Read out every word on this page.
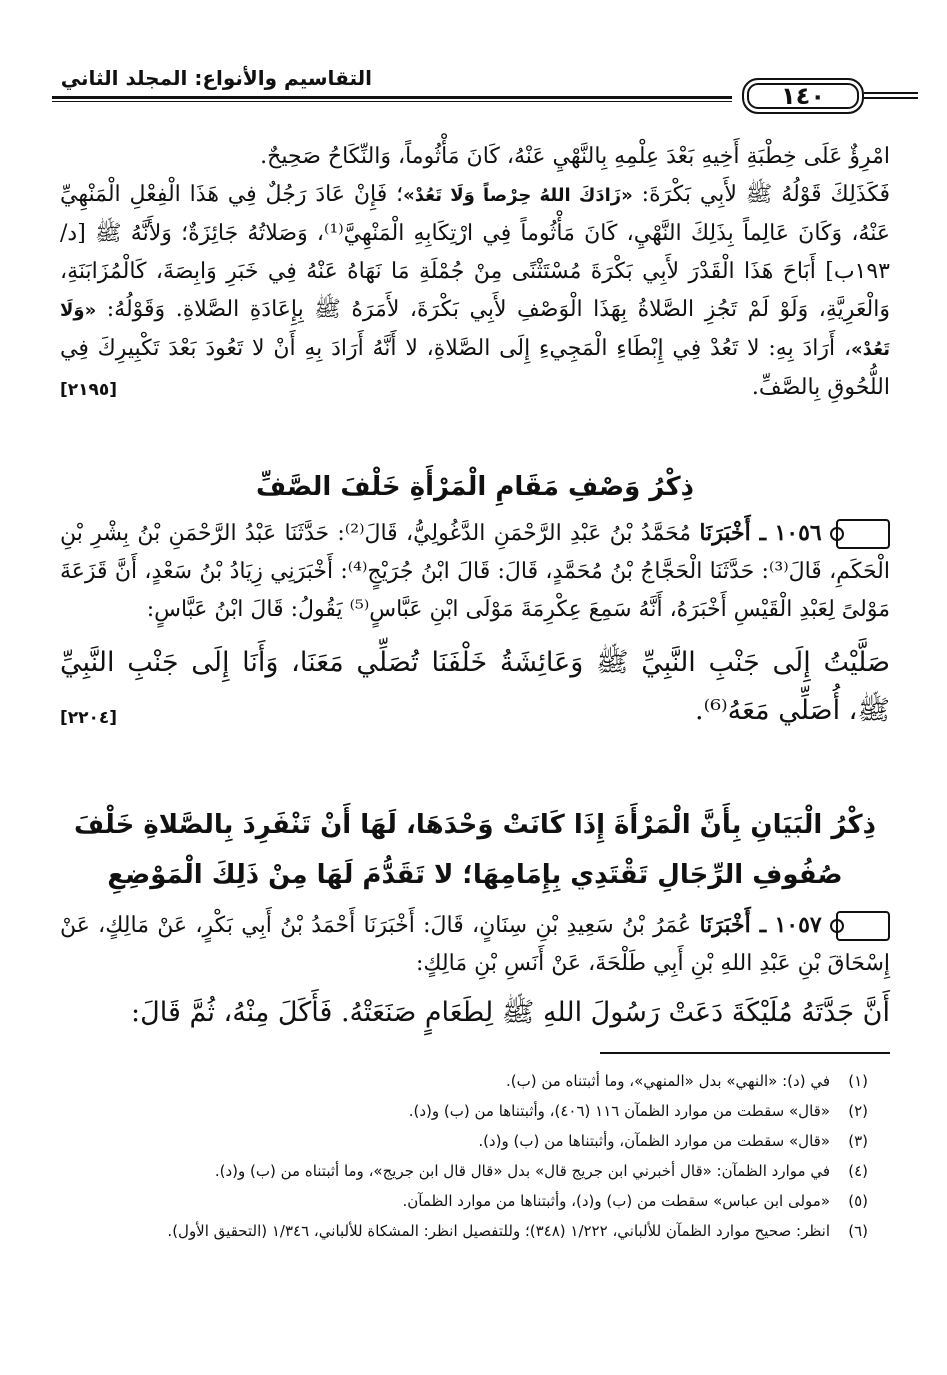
التقاسيم والأنواع: المجلد الثاني
١٤٠
امْرِؤٌ عَلَى خِطْبَةِ أَخِيهِ بَعْدَ عِلْمِهِ بِالنَّهْيِ عَنْهُ، كَانَ مَأْثُوماً، وَالنِّكَاحُ صَحِيحٌ.
فَكَذَلِكَ قَوْلُهُ ﷺ لأَبِي بَكْرَةَ: «زَادَكَ اللهُ حِرْصاً وَلَا تَعُدْ»؛ فَإِنْ عَادَ رَجُلٌ فِي هَذَا الْفِعْلِ الْمَنْهِيِّ عَنْهُ، وَكَانَ عَالِماً بِذَلِكَ النَّهْيِ، كَانَ مَأْثُوماً فِي ارْتِكَابِهِ الْمَنْهِيَّ⁽¹⁾، وَصَلاتُهُ جَائِزَةٌ؛ وَلأَنَّهُ ﷺ [د/١٩٣ب] أَبَاحَ هَذَا الْقَدْرَ لأَبِي بَكْرَةَ مُسْتَثْنًى مِنْ جُمْلَةِ مَا نَهَاهُ عَنْهُ فِي خَبَرِ وَابِصَةَ، كَالْمُزَابَنَةِ، وَالْعَرِيَّةِ، وَلَوْ لَمْ تَجُزِ الصَّلاةُ بِهَذَا الْوَصْفِ لأَبِي بَكْرَةَ، لأَمَرَهُ ﷺ بِإِعَادَةِ الصَّلاةِ. وَقَوْلُهُ: «وَلَا تَعُدْ»، أَرَادَ بِهِ: لا تَعُدْ فِي إِبْطَاءِ الْمَجِيءِ إِلَى الصَّلاةِ، لا أَنَّهُ أَرَادَ بِهِ أَنْ لا تَعُودَ بَعْدَ تَكْبِيرِكَ فِي اللُّحُوقِ بِالصَّفِّ.
[٢١٩٥]
ذِكْرُ وَصْفِ مَقَامِ الْمَرْأَةِ خَلْفَ الصَّفِّ
١٠٥٦ ـ أَخْبَرَنَا مُحَمَّدُ بْنُ عَبْدِ الرَّحْمَنِ الدَّغُولِيُّ، قَالَ⁽²⁾: حَدَّثَنَا عَبْدُ الرَّحْمَنِ بْنُ بِشْرِ بْنِ الْحَكَمِ، قَالَ⁽³⁾: حَدَّثَنَا الْحَجَّاجُ بْنُ مُحَمَّدٍ، قَالَ: قَالَ ابْنُ جُرَيْجٍ⁽⁴⁾: أَخْبَرَنِي زِيَادُ بْنُ سَعْدٍ، أَنَّ قَزَعَةَ مَوْلىً لِعَبْدِ الْقَيْسِ أَخْبَرَهُ، أَنَّهُ سَمِعَ عِكْرِمَةَ مَوْلَى ابْنِ عَبَّاسٍ⁽⁵⁾ يَقُولُ: قَالَ ابْنُ عَبَّاسٍ:
صَلَّيْتُ إِلَى جَنْبِ النَّبِيِّ ﷺ وَعَائِشَةُ خَلْفَنَا تُصَلِّي مَعَنَا، وَأَنَا إِلَى جَنْبِ النَّبِيِّ ﷺ، أُصَلِّي مَعَهُ⁽⁶⁾.
[٢٢٠٤]
ذِكْرُ الْبَيَانِ بِأَنَّ الْمَرْأَةَ إِذَا كَانَتْ وَحْدَهَا، لَهَا أَنْ تَنْفَرِدَ بِالصَّلاةِ خَلْفَ صُفُوفِ الرِّجَالِ تَقْتَدِي بِإِمَامِهَا؛ لا تَقَدُّمَ لَهَا مِنْ ذَلِكَ الْمَوْضِعِ
١٠٥٧ ـ أَخْبَرَنَا عُمَرُ بْنُ سَعِيدِ بْنِ سِنَانٍ، قَالَ: أَخْبَرَنَا أَحْمَدُ بْنُ أَبِي بَكْرٍ، عَنْ مَالِكٍ، عَنْ إِسْحَاقَ بْنِ عَبْدِ اللهِ بْنِ أَبِي طَلْحَةَ، عَنْ أَنَسِ بْنِ مَالِكٍ:
أَنَّ جَدَّتَهُ مُلَيْكَةَ دَعَتْ رَسُولَ اللهِ ﷺ لِطَعَامٍ صَنَعَتْهُ. فَأَكَلَ مِنْهُ، ثُمَّ قَالَ:
(١)
في (د): «النهي» بدل «المنهي»، وما أثبتناه من (ب).
(٢)
«قال» سقطت من موارد الظمآن ١١٦ (٤٠٦)، وأثبتناها من (ب) و(د).
(٣)
«قال» سقطت من موارد الظمآن، وأثبتناها من (ب) و(د).
(٤)
في موارد الظمآن: «قال أخبرني ابن جريج قال» بدل «قال قال ابن جريج»، وما أثبتناه من (ب) و(د).
(٥)
«مولى ابن عباس» سقطت من (ب) و(د)، وأثبتناها من موارد الظمآن.
(٦)
انظر: صحيح موارد الظمآن للألباني، ١/٢٢٢ (٣٤٨)؛ وللتفصيل انظر: المشكاة للألباني، ١/٣٤٦ (التحقيق الأول).
